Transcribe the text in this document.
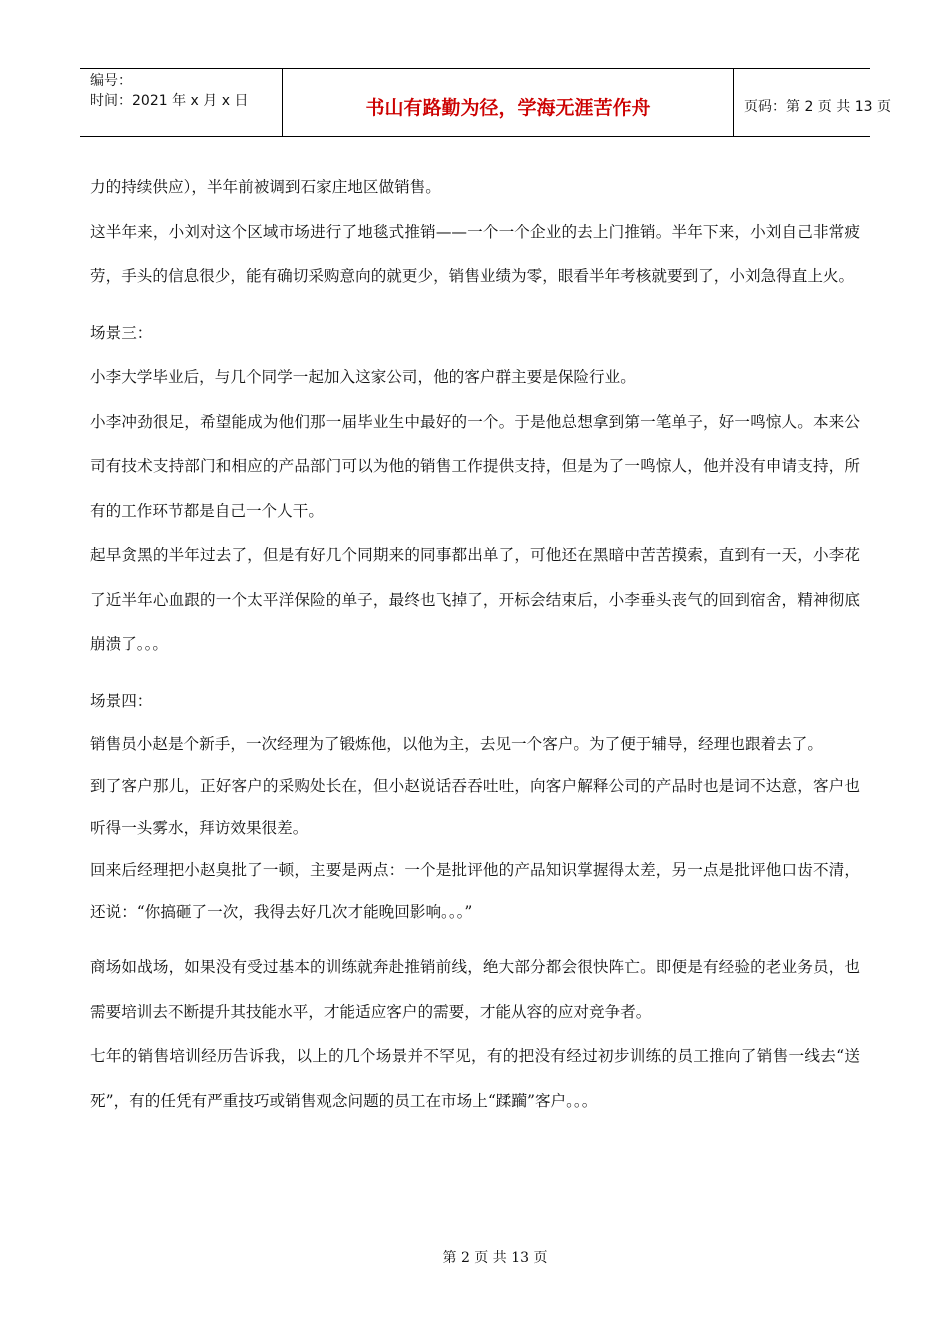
编号：
时间：2021 年 x 月 x 日	书山有路勤为径，学海无涯苦作舟	页码：第 2 页 共 13 页

力的持续供应），半年前被调到石家庄地区做销售。

这半年来，小刘对这个区域市场进行了地毯式推销——一个一个企业的去上门推销。半年下来，小刘自己非常疲劳，手头的信息很少，能有确切采购意向的就更少，销售业绩为零，眼看半年考核就要到了，小刘急得直上火。

场景三：

小李大学毕业后，与几个同学一起加入这家公司，他的客户群主要是保险行业。

小李冲劲很足，希望能成为他们那一届毕业生中最好的一个。于是他总想拿到第一笔单子，好一鸣惊人。本来公司有技术支持部门和相应的产品部门可以为他的销售工作提供支持，但是为了一鸣惊人，他并没有申请支持，所有的工作环节都是自己一个人干。

起早贪黑的半年过去了，但是有好几个同期来的同事都出单了，可他还在黑暗中苦苦摸索，直到有一天，小李花了近半年心血跟的一个太平洋保险的单子，最终也飞掉了，开标会结束后，小李垂头丧气的回到宿舍，精神彻底崩溃了。。。

场景四：

销售员小赵是个新手，一次经理为了锻炼他，以他为主，去见一个客户。为了便于辅导，经理也跟着去了。

到了客户那儿，正好客户的采购处长在，但小赵说话吞吞吐吐，向客户解释公司的产品时也是词不达意，客户也听得一头雾水，拜访效果很差。

回来后经理把小赵臭批了一顿，主要是两点：一个是批评他的产品知识掌握得太差，另一点是批评他口齿不清，还说：“你搞砸了一次，我得去好几次才能晚回影响。。。”

商场如战场，如果没有受过基本的训练就奔赴推销前线，绝大部分都会很快阵亡。即便是有经验的老业务员，也需要培训去不断提升其技能水平，才能适应客户的需要，才能从容的应对竞争者。

七年的销售培训经历告诉我，以上的几个场景并不罕见，有的把没有经过初步训练的员工推向了销售一线去“送死”，有的任凭有严重技巧或销售观念问题的员工在市场上“蹂躏”客户。。。

第 2 页 共 13 页
